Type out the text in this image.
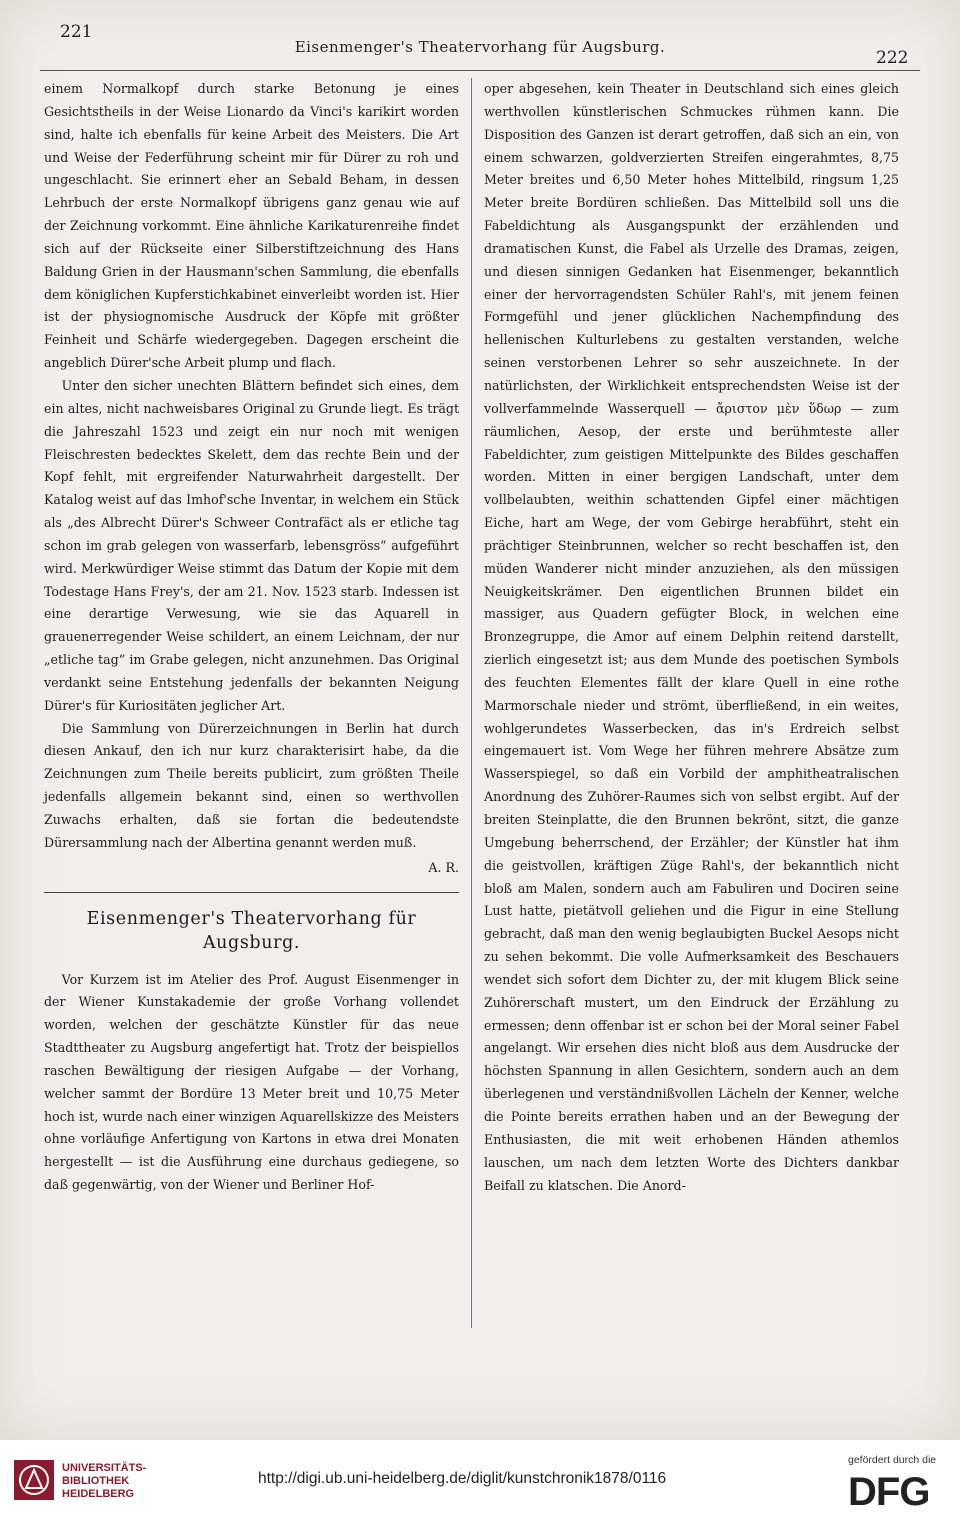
221
Eisenmenger's Theatervorhang für Augsburg.
222

einem Normalkopf durch starke Betonung je eines Gesichtstheils in der Weise Lionardo da Vinci's karikirt worden sind, halte ich ebenfalls für keine Arbeit des Meisters. Die Art und Weise der Federführung scheint mir für Dürer zu roh und ungeschlacht. Sie erinnert eher an Sebald Beham, in dessen Lehrbuch der erste Normalkopf übrigens ganz genau wie auf der Zeichnung vorkommt. Eine ähnliche Karikaturenreihe findet sich auf der Rückseite einer Silberstiftzeichnung des Hans Baldung Grien in der Hausmann'schen Sammlung, die ebenfalls dem königlichen Kupferstichkabinet einverleibt worden ist. Hier ist der physiognomische Ausdruck der Köpfe mit größter Feinheit und Schärfe wiedergegeben. Dagegen erscheint die angeblich Dürer'sche Arbeit plump und flach.

Unter den sicher unechten Blättern befindet sich eines, dem ein altes, nicht nachweisbares Original zu Grunde liegt. Es trägt die Jahreszahl 1523 und zeigt ein nur noch mit wenigen Fleischresten bedecktes Skelett, dem das rechte Bein und der Kopf fehlt, mit ergreifender Naturwahrheit dargestellt. Der Katalog weist auf das Imhof'sche Inventar, in welchem ein Stück als „des Albrecht Dürer's Schweer Contrafäct als er etliche tag schon im grab gelegen von wasserfarb, lebensgröss“ aufgeführt wird. Merkwürdiger Weise stimmt das Datum der Kopie mit dem Todestage Hans Frey's, der am 21. Nov. 1523 starb. Indessen ist eine derartige Verwesung, wie sie das Aquarell in grauenerregender Weise schildert, an einem Leichnam, der nur „etliche tag“ im Grabe gelegen, nicht anzunehmen. Das Original verdankt seine Entstehung jedenfalls der bekannten Neigung Dürer's für Kuriositäten jeglicher Art.

Die Sammlung von Dürerzeichnungen in Berlin hat durch diesen Ankauf, den ich nur kurz charakterisirt habe, da die Zeichnungen zum Theile bereits publicirt, zum größten Theile jedenfalls allgemein bekannt sind, einen so werthvollen Zuwachs erhalten, daß sie fortan die bedeutendste Dürersammlung nach der Albertina genannt werden muß.

A. R.
Eisenmenger's Theatervorhang für Augsburg.

Vor Kurzem ist im Atelier des Prof. August Eisenmenger in der Wiener Kunstakademie der große Vorhang vollendet worden, welchen der geschätzte Künstler für das neue Stadttheater zu Augsburg angefertigt hat. Trotz der beispiellos raschen Bewältigung der riesigen Aufgabe — der Vorhang, welcher sammt der Bordüre 13 Meter breit und 10,75 Meter hoch ist, wurde nach einer winzigen Aquarellskizze des Meisters ohne vorläufige Anfertigung von Kartons in etwa drei Monaten hergestellt — ist die Ausführung eine durchaus gediegene, so daß gegenwärtig, von der Wiener und Berliner Hof-

oper abgesehen, kein Theater in Deutschland sich eines gleich werthvollen künstlerischen Schmuckes rühmen kann. Die Disposition des Ganzen ist derart getroffen, daß sich an ein, von einem schwarzen, goldverzierten Streifen eingerahmtes, 8,75 Meter breites und 6,50 Meter hohes Mittelbild, ringsum 1,25 Meter breite Bordüren schließen. Das Mittelbild soll uns die Fabeldichtung als Ausgangspunkt der erzählenden und dramatischen Kunst, die Fabel als Urzelle des Dramas, zeigen, und diesen sinnigen Gedanken hat Eisenmenger, bekanntlich einer der hervorragendsten Schüler Rahl's, mit jenem feinen Formgefühl und jener glücklichen Nachempfindung des hellenischen Kulturlebens zu gestalten verstanden, welche seinen verstorbenen Lehrer so sehr auszeichnete. In der natürlichsten, der Wirklichkeit entsprechendsten Weise ist der vollverfammelnde Wasserquell — ἄριστον μὲν ὕδωρ — zum räumlichen, Aesop, der erste und berühmteste aller Fabeldichter, zum geistigen Mittelpunkte des Bildes geschaffen worden. Mitten in einer bergigen Landschaft, unter dem vollbelaubten, weithin schattenden Gipfel einer mächtigen Eiche, hart am Wege, der vom Gebirge herabführt, steht ein prächtiger Steinbrunnen, welcher so recht beschaffen ist, den müden Wanderer nicht minder anzuziehen, als den müssigen Neuigkeitskrämer. Den eigentlichen Brunnen bildet ein massiger, aus Quadern gefügter Block, in welchen eine Bronzegruppe, die Amor auf einem Delphin reitend darstellt, zierlich eingesetzt ist; aus dem Munde des poetischen Symbols des feuchten Elementes fällt der klare Quell in eine rothe Marmorschale nieder und strömt, überfließend, in ein weites, wohlgerundetes Wasserbecken, das in's Erdreich selbst eingemauert ist. Vom Wege her führen mehrere Absätze zum Wasserspiegel, so daß ein Vorbild der amphitheatralischen Anordnung des Zuhörer-Raumes sich von selbst ergibt. Auf der breiten Steinplatte, die den Brunnen bekrönt, sitzt, die ganze Umgebung beherrschend, der Erzähler; der Künstler hat ihm die geistvollen, kräftigen Züge Rahl's, der bekanntlich nicht bloß am Malen, sondern auch am Fabuliren und Dociren seine Lust hatte, pietätvoll geliehen und die Figur in eine Stellung gebracht, daß man den wenig beglaubigten Buckel Aesops nicht zu sehen bekommt. Die volle Aufmerksamkeit des Beschauers wendet sich sofort dem Dichter zu, der mit klugem Blick seine Zuhörerschaft mustert, um den Eindruck der Erzählung zu ermessen; denn offenbar ist er schon bei der Moral seiner Fabel angelangt. Wir ersehen dies nicht bloß aus dem Ausdrucke der höchsten Spannung in allen Gesichtern, sondern auch an dem überlegenen und verständnißvollen Lächeln der Kenner, welche die Pointe bereits errathen haben und an der Bewegung der Enthusiasten, die mit weit erhobenen Händen athemlos lauschen, um nach dem letzten Worte des Dichters dankbar Beifall zu klatschen. Die Anord-

UNIVERSITÄTS-
BIBLIOTHEK
HEIDELBERG
http://digi.ub.uni-heidelberg.de/diglit/kunstchronik1878/0116
gefördert durch die
DFG
